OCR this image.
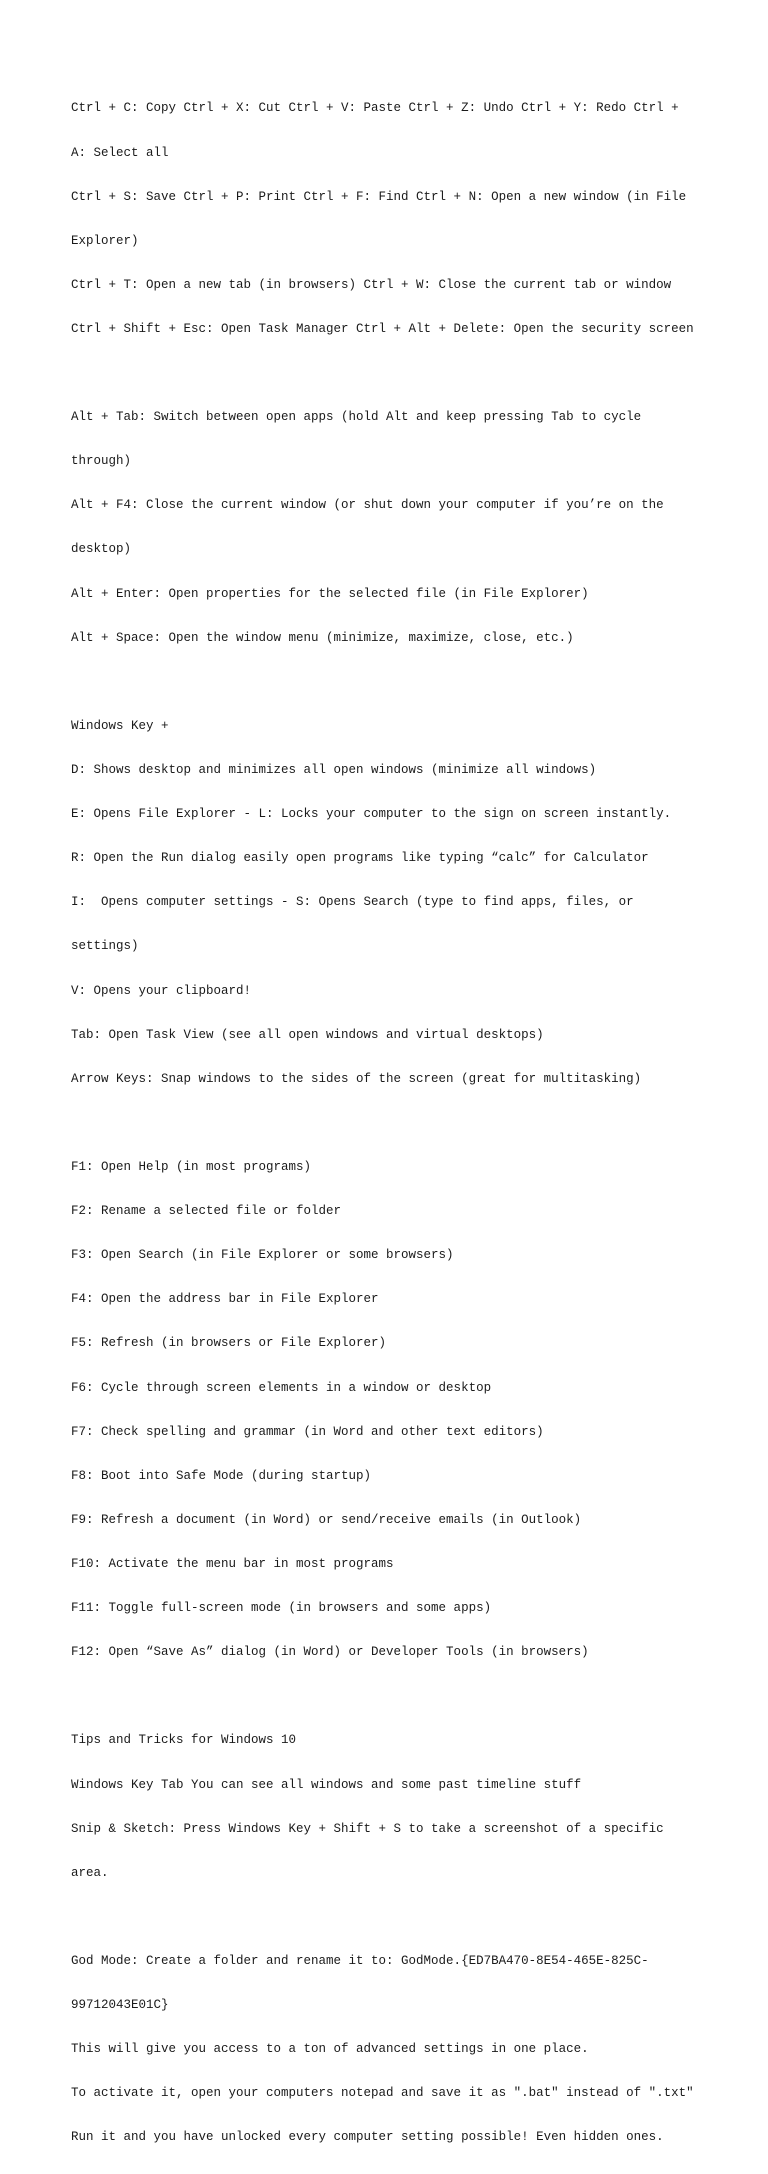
Ctrl + C: Copy Ctrl + X: Cut Ctrl + V: Paste Ctrl + Z: Undo Ctrl + Y: Redo Ctrl +

A: Select all

Ctrl + S: Save Ctrl + P: Print Ctrl + F: Find Ctrl + N: Open a new window (in File

Explorer)

Ctrl + T: Open a new tab (in browsers) Ctrl + W: Close the current tab or window

Ctrl + Shift + Esc: Open Task Manager Ctrl + Alt + Delete: Open the security screen

Alt + Tab: Switch between open apps (hold Alt and keep pressing Tab to cycle

through)

Alt + F4: Close the current window (or shut down your computer if you’re on the

desktop)

Alt + Enter: Open properties for the selected file (in File Explorer)

Alt + Space: Open the window menu (minimize, maximize, close, etc.)

Windows Key +

D: Shows desktop and minimizes all open windows (minimize all windows)

E: Opens File Explorer - L: Locks your computer to the sign on screen instantly.

R: Open the Run dialog easily open programs like typing “calc” for Calculator

I:  Opens computer settings - S: Opens Search (type to find apps, files, or

settings)

V: Opens your clipboard!

Tab: Open Task View (see all open windows and virtual desktops)

Arrow Keys: Snap windows to the sides of the screen (great for multitasking)

F1: Open Help (in most programs)

F2: Rename a selected file or folder

F3: Open Search (in File Explorer or some browsers)

F4: Open the address bar in File Explorer

F5: Refresh (in browsers or File Explorer)

F6: Cycle through screen elements in a window or desktop

F7: Check spelling and grammar (in Word and other text editors)

F8: Boot into Safe Mode (during startup)

F9: Refresh a document (in Word) or send/receive emails (in Outlook)

F10: Activate the menu bar in most programs

F11: Toggle full-screen mode (in browsers and some apps)

F12: Open “Save As” dialog (in Word) or Developer Tools (in browsers)

Tips and Tricks for Windows 10

Windows Key Tab You can see all windows and some past timeline stuff

Snip & Sketch: Press Windows Key + Shift + S to take a screenshot of a specific

area.

God Mode: Create a folder and rename it to: GodMode.{ED7BA470-8E54-465E-825C-

99712043E01C}

This will give you access to a ton of advanced settings in one place.

To activate it, open your computers notepad and save it as ".bat" instead of ".txt"

Run it and you have unlocked every computer setting possible! Even hidden ones.
